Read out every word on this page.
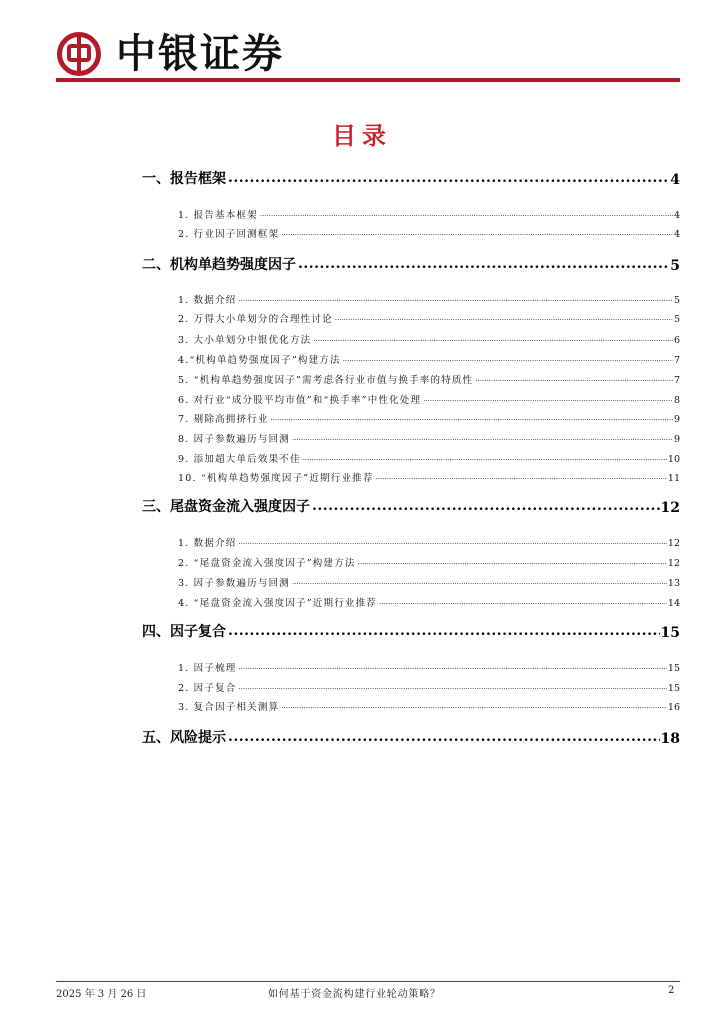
中银证券
目录
一、报告框架 .....	4
1. 报告基本框架 .....	4
2. 行业因子回测框架 .....	4
二、机构单趋势强度因子 .....	5
1. 数据介绍 .....	5
2. 万得大小单划分的合理性讨论 .....	5
3. 大小单划分中银优化方法 .....	6
4.“机构单趋势强度因子”构建方法 .....	7
5. “机构单趋势强度因子”需考虑各行业市值与换手率的特质性 .....	7
6. 对行业“成分股平均市值”和“换手率”中性化处理 .....	8
7. 剔除高拥挤行业 .....	9
8. 因子参数遍历与回测 .....	9
9. 添加超大单后效果不佳 .....	10
10. “机构单趋势强度因子”近期行业推荐 .....	11
三、尾盘资金流入强度因子 .....	12
1. 数据介绍 .....	12
2. “尾盘资金流入强度因子”构建方法 .....	12
3. 因子参数遍历与回测 .....	13
4. “尾盘资金流入强度因子”近期行业推荐 .....	14
四、因子复合 .....	15
1. 因子梳理 .....	15
2. 因子复合 .....	15
3. 复合因子相关测算 .....	16
五、风险提示 .....	18
2025 年 3 月 26 日	如何基于资金流构建行业轮动策略？	2
